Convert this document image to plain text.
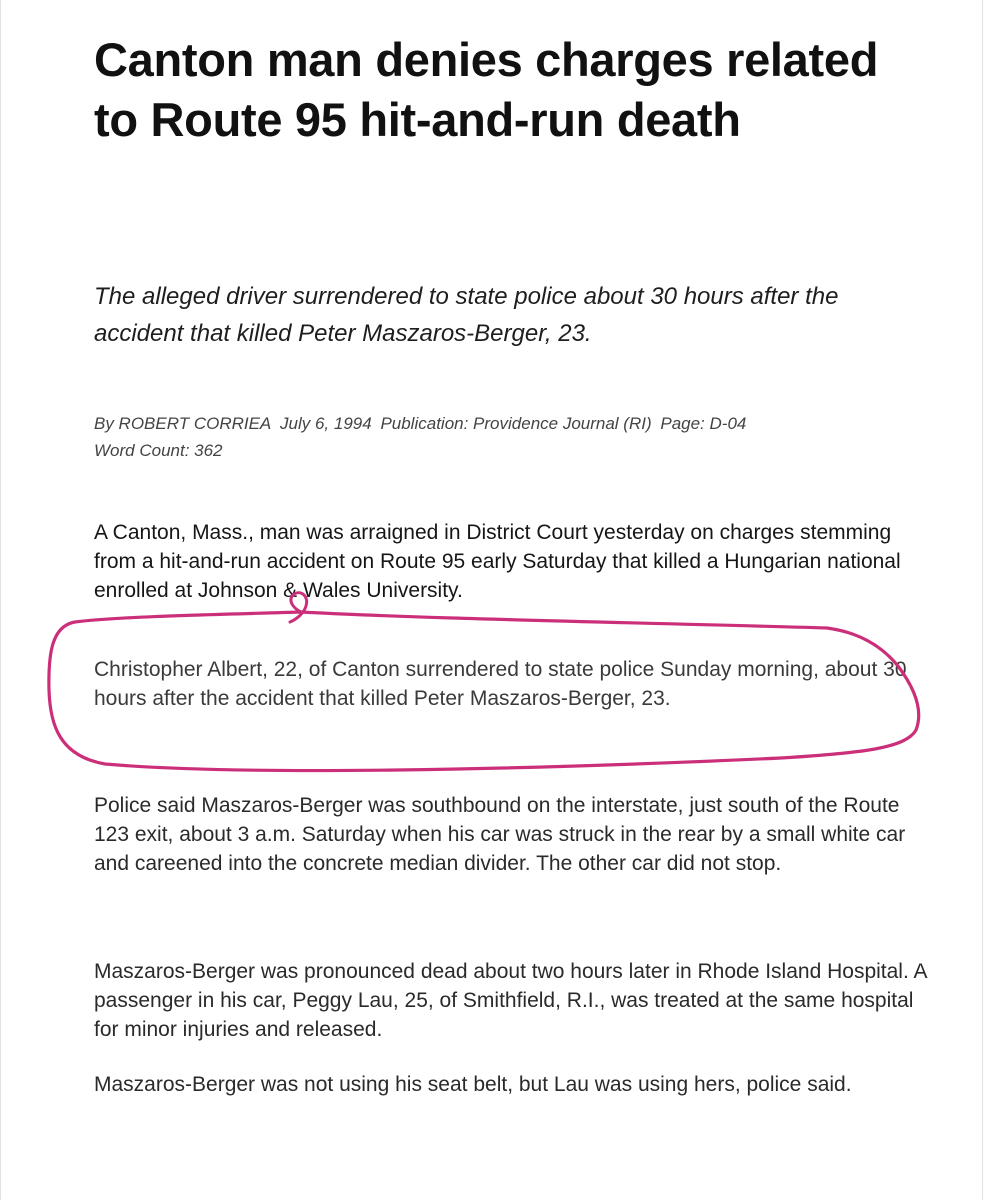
Canton man denies charges related to Route 95 hit-and-run death

The alleged driver surrendered to state police about 30 hours after the accident that killed Peter Maszaros-Berger, 23.

By ROBERT CORRIEA July 6, 1994 Publication: Providence Journal (RI) Page: D-04
Word Count: 362

A Canton, Mass., man was arraigned in District Court yesterday on charges stemming from a hit-and-run accident on Route 95 early Saturday that killed a Hungarian national enrolled at Johnson & Wales University.

Christopher Albert, 22, of Canton surrendered to state police Sunday morning, about 30 hours after the accident that killed Peter Maszaros-Berger, 23.

Police said Maszaros-Berger was southbound on the interstate, just south of the Route 123 exit, about 3 a.m. Saturday when his car was struck in the rear by a small white car and careened into the concrete median divider. The other car did not stop.

Maszaros-Berger was pronounced dead about two hours later in Rhode Island Hospital. A passenger in his car, Peggy Lau, 25, of Smithfield, R.I., was treated at the same hospital for minor injuries and released.

Maszaros-Berger was not using his seat belt, but Lau was using hers, police said.
